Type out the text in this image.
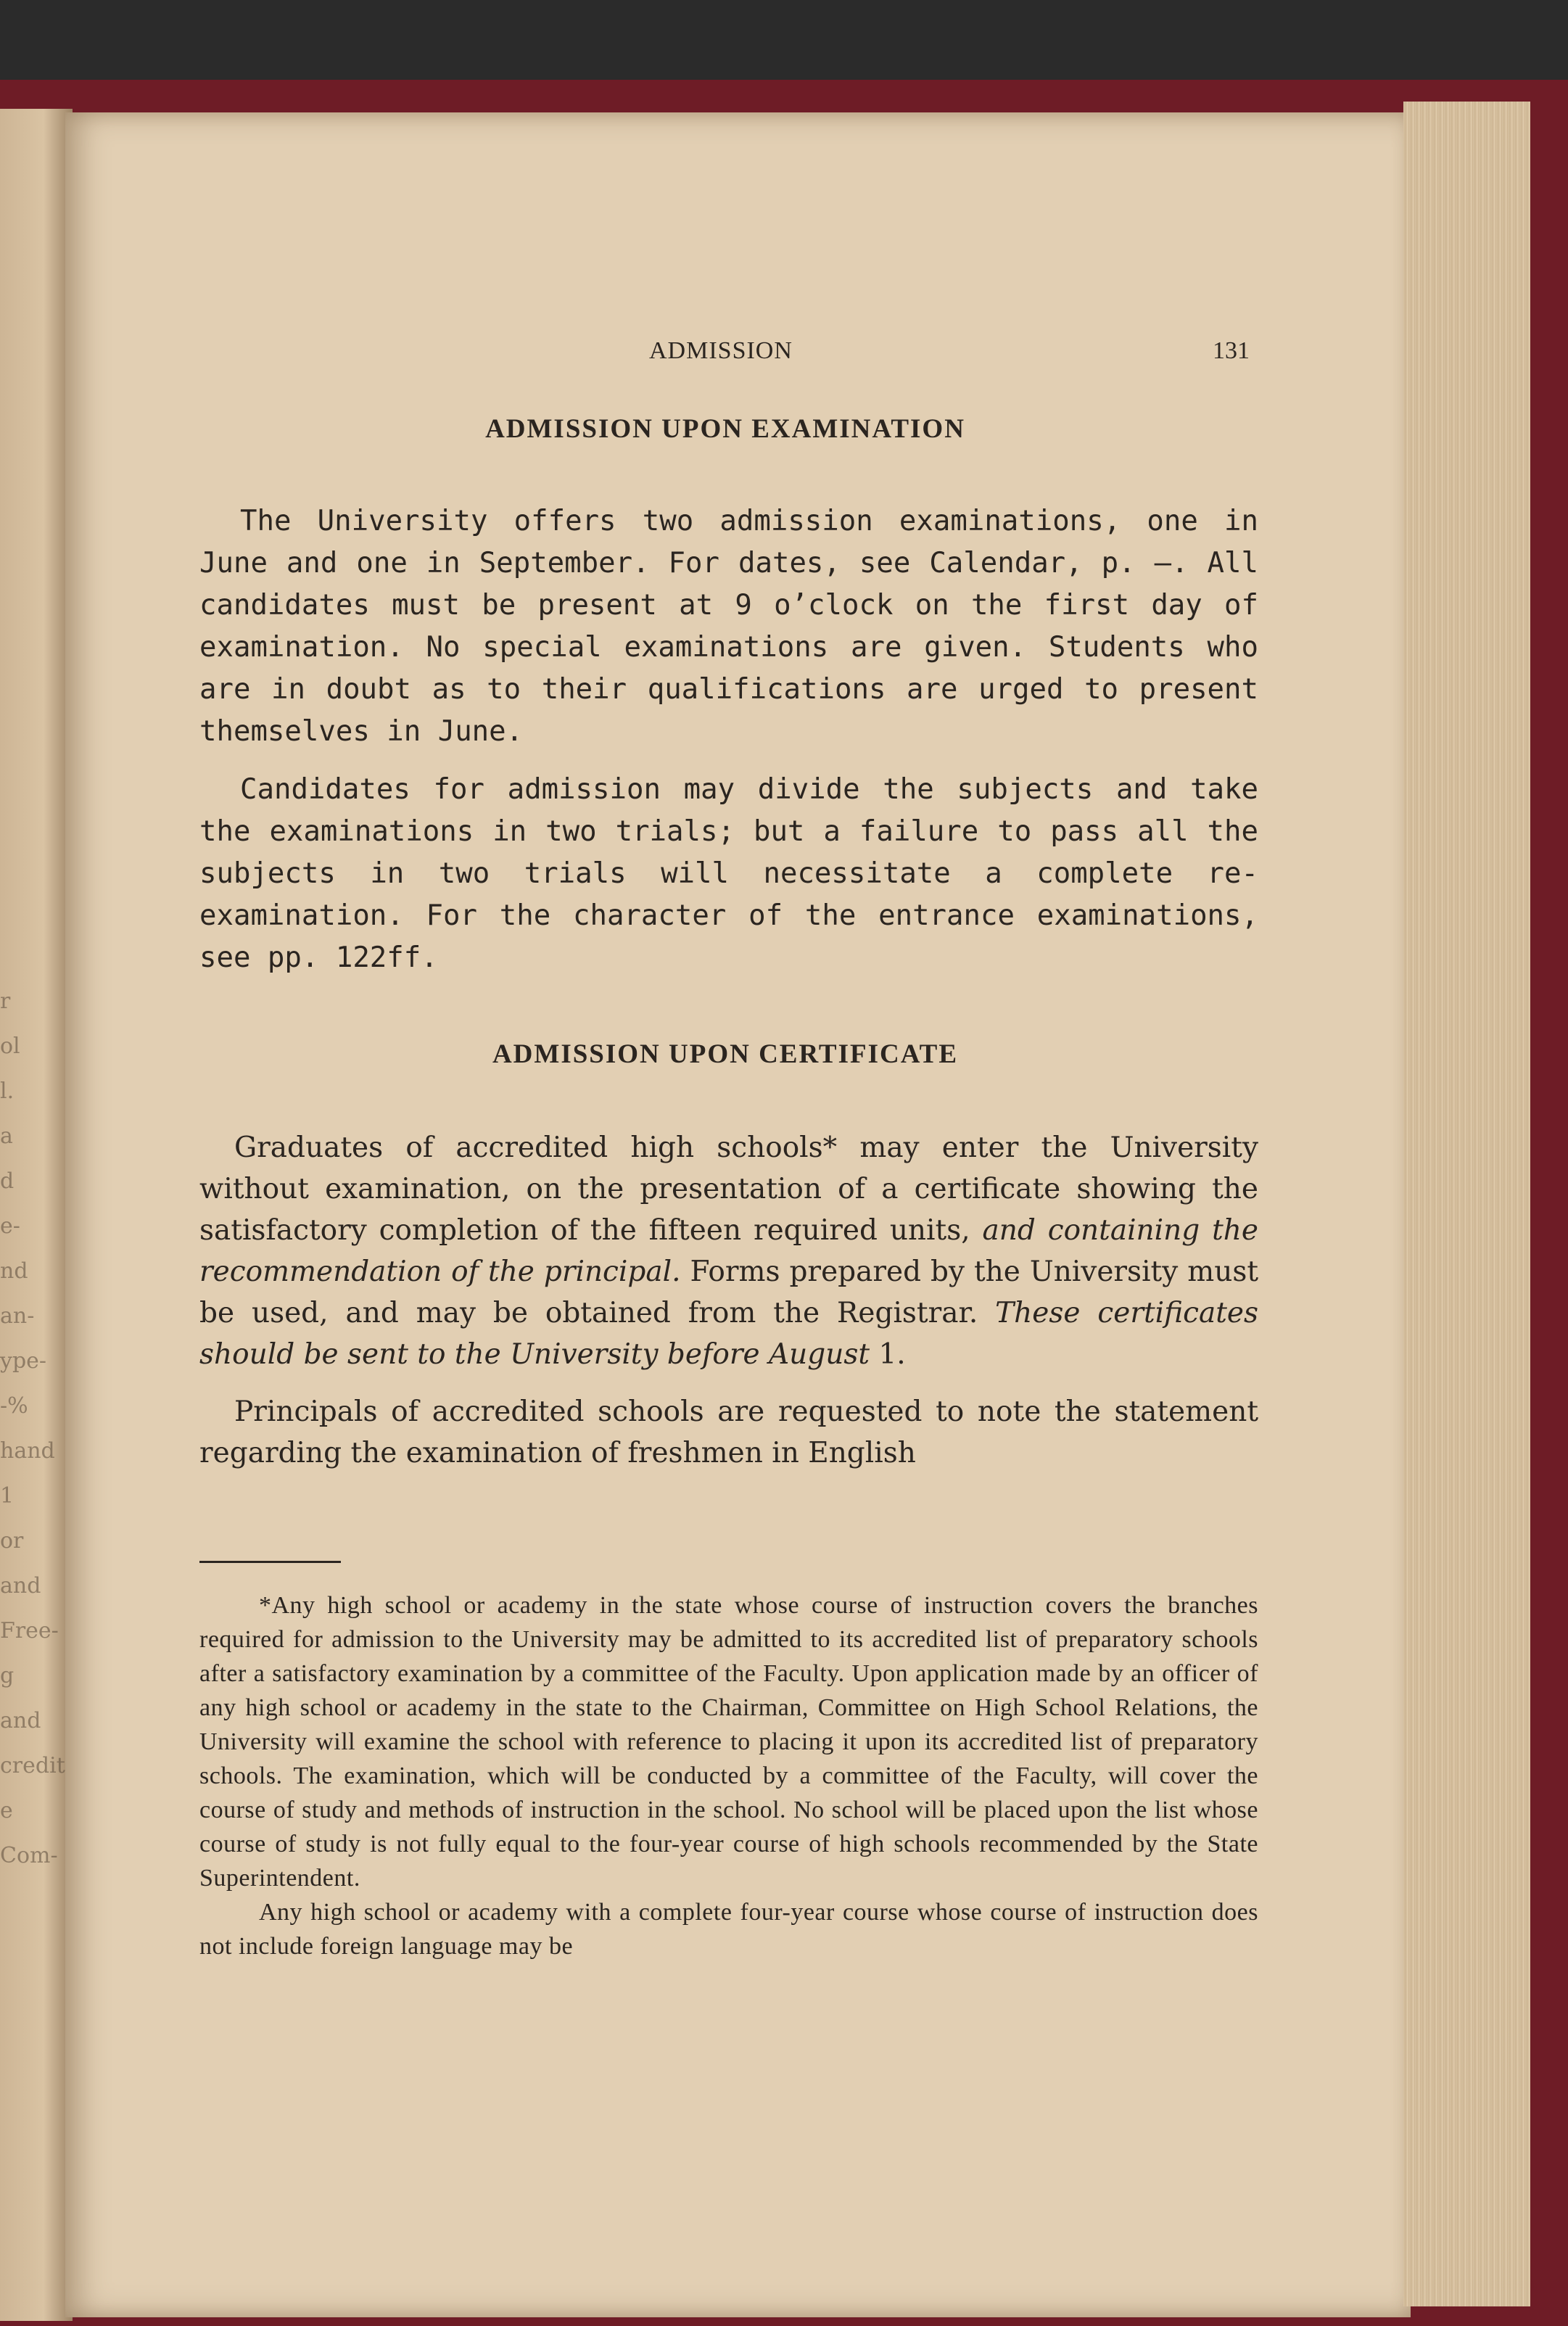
r
ol
l.
a
d
e-
nd
an-
ype-
-%
hand
1 or
and
Free-
g and
credit
e Com-
ADMISSION	131
ADMISSION UPON EXAMINATION

The University offers two admission examinations, one in June and one in September. For dates, see Calendar, p. —. All candidates must be present at 9 o’clock on the first day of examination. No special examinations are given. Students who are in doubt as to their qualifications are urged to present themselves in June.

Candidates for admission may divide the subjects and take the examinations in two trials; but a failure to pass all the subjects in two trials will necessitate a complete re-examination. For the character of the entrance examinations, see pp. 122ff.

ADMISSION UPON CERTIFICATE

Graduates of accredited high schools* may enter the University without examination, on the presentation of a certificate showing the satisfactory completion of the fifteen required units, and containing the recommendation of the principal. Forms prepared by the University must be used, and may be obtained from the Registrar. These certificates should be sent to the University before August 1.

Principals of accredited schools are requested to note the statement regarding the examination of freshmen in English

*Any high school or academy in the state whose course of instruction covers the branches required for admission to the University may be admitted to its accredited list of preparatory schools after a satisfactory examination by a committee of the Faculty. Upon application made by an officer of any high school or academy in the state to the Chairman, Committee on High School Relations, the University will examine the school with reference to placing it upon its accredited list of preparatory schools. The examination, which will be conducted by a committee of the Faculty, will cover the course of study and methods of instruction in the school. No school will be placed upon the list whose course of study is not fully equal to the four-year course of high schools recommended by the State Superintendent.

Any high school or academy with a complete four-year course whose course of instruction does not include foreign language may be
